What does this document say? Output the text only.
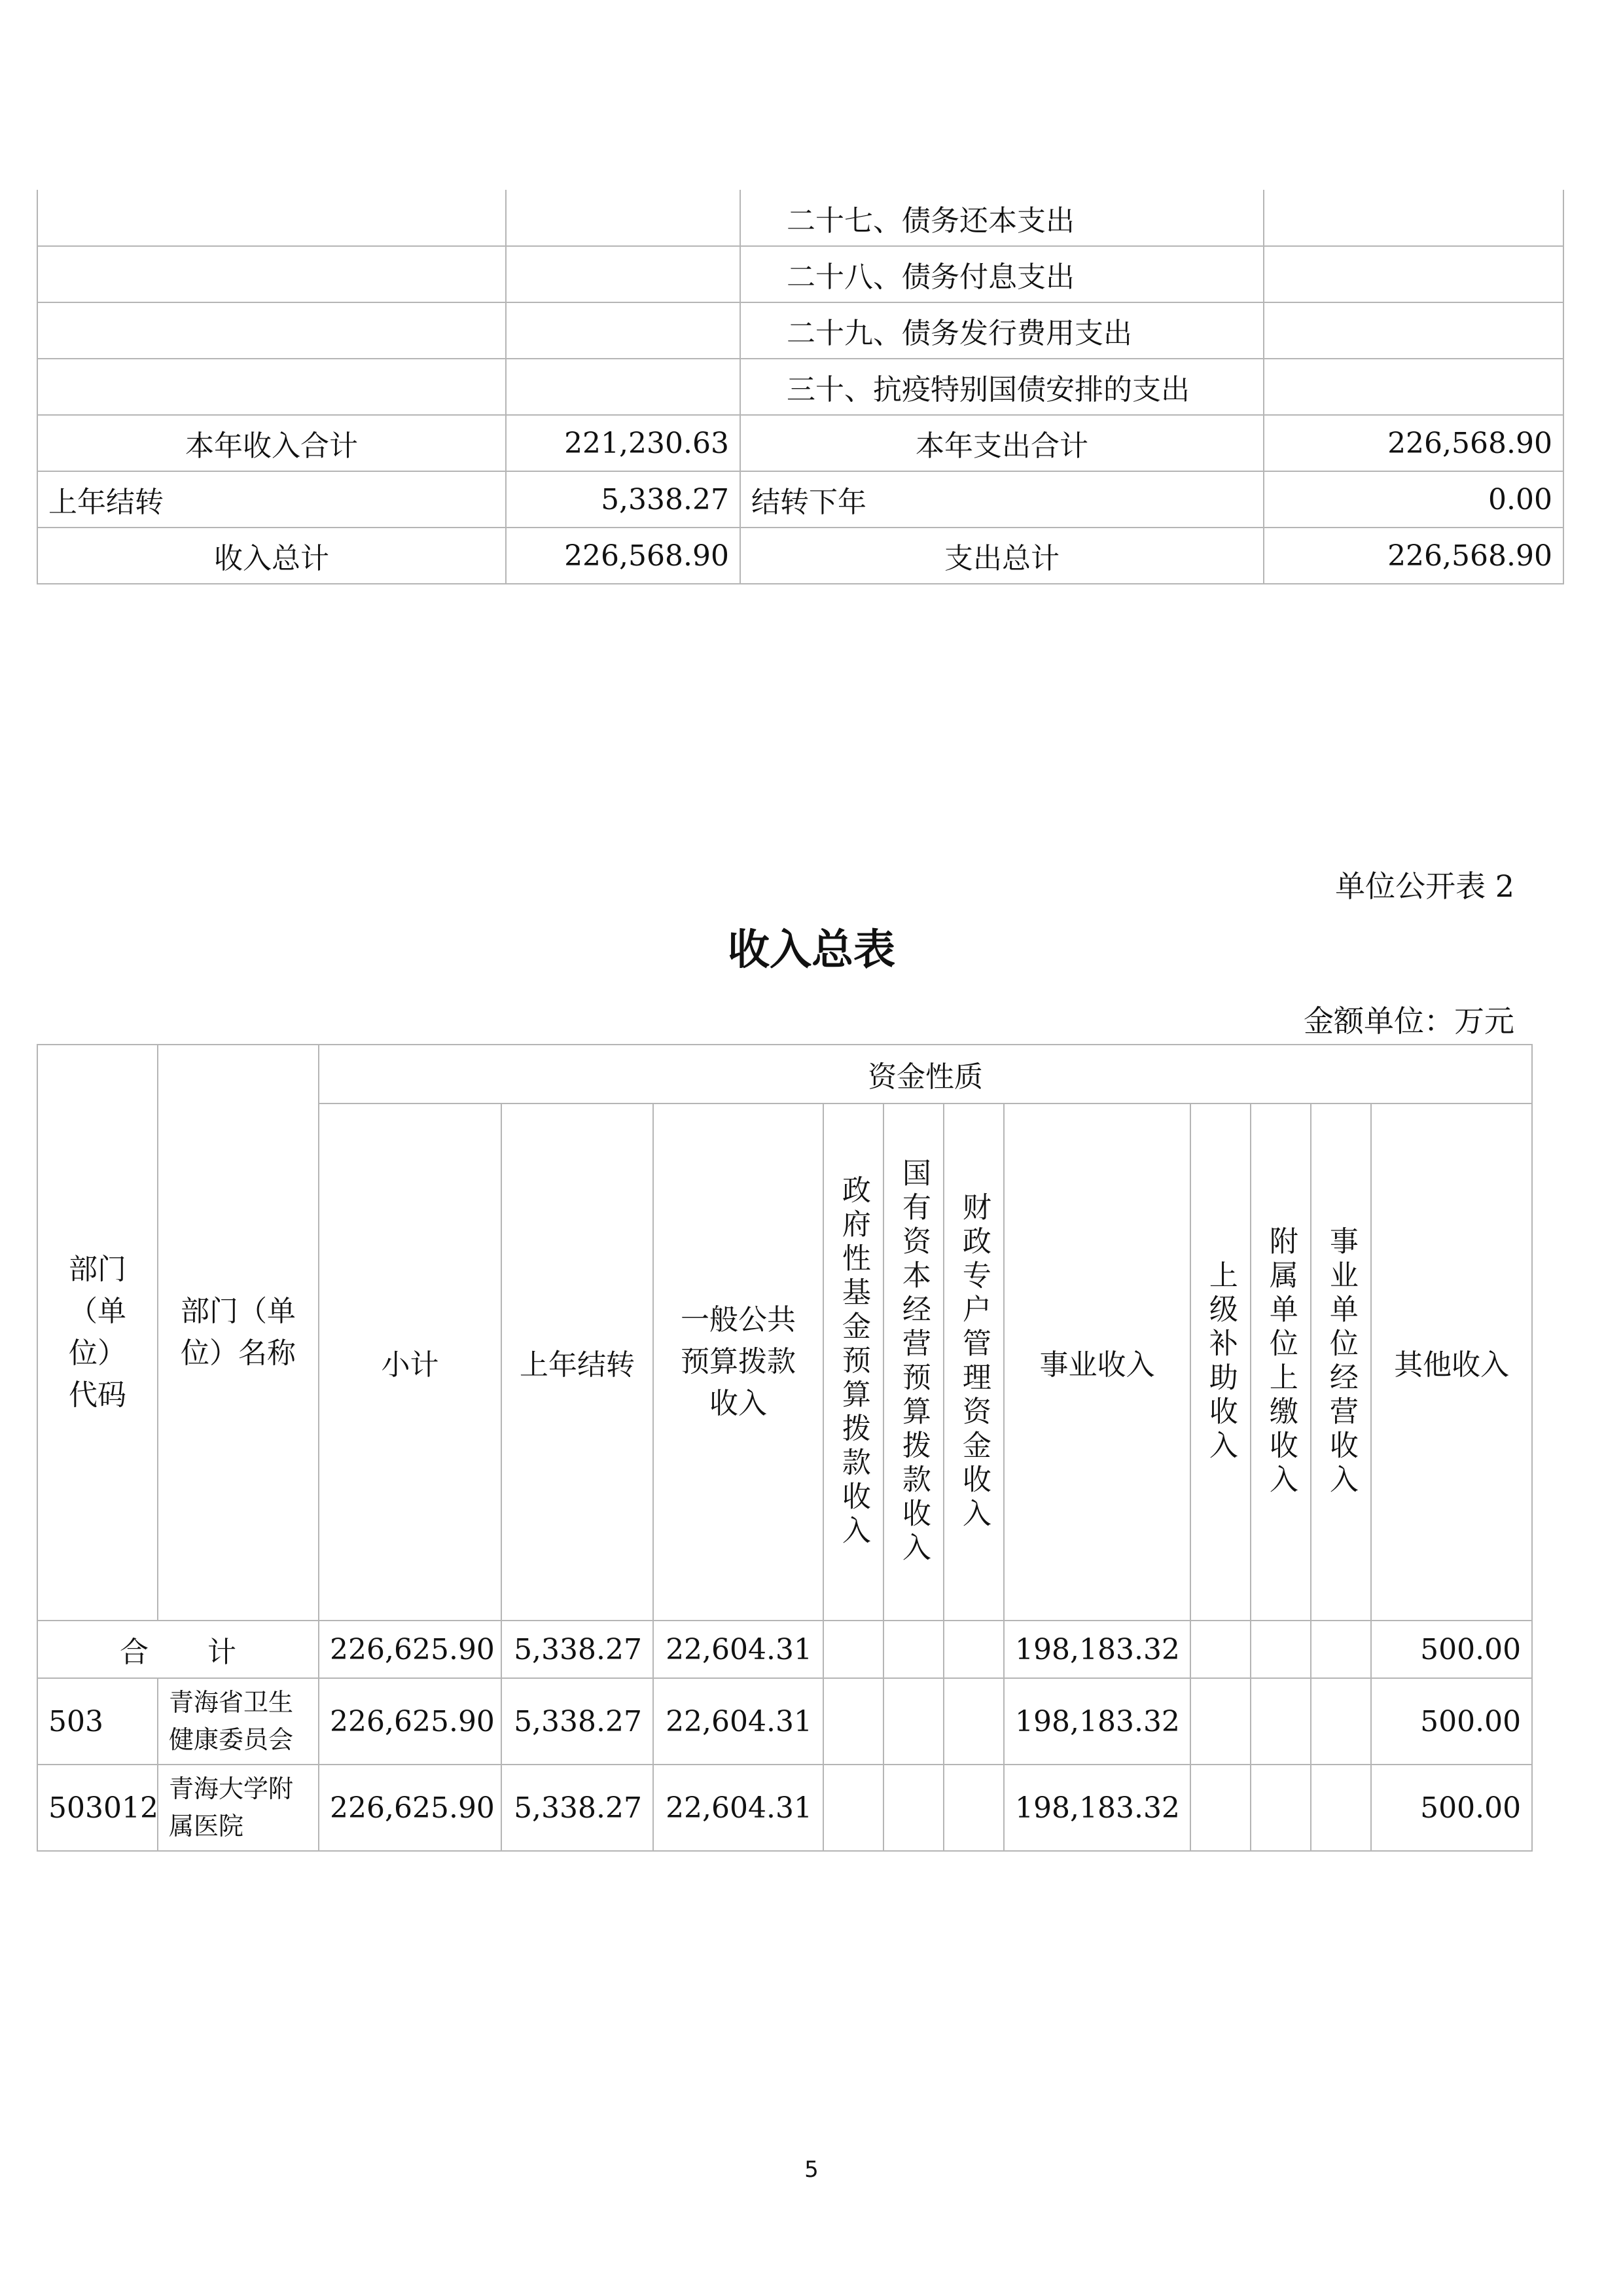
		二十七、债务还本支出	
		二十八、债务付息支出	
		二十九、债务发行费用支出	
		三十、抗疫特别国债安排的支出	
本年收入合计	221,230.63	本年支出合计	226,568.90
上年结转	5,338.27	结转下年	0.00
收入总计	226,568.90	支出总计	226,568.90
单位公开表 2
收入总表
金额单位：万元
部门（单位）代码	部门（单位）名称	资金性质										
		小计	上年结转	一般公共预算拨款收入	政府性基金预算拨款收入	国有资本经营预算拨款收入	财政专户管理资金收入	事业收入	上级补助收入	附属单位上缴收入	事业单位经营收入	其他收入
合 计		226,625.90	5,338.27	22,604.31				198,183.32				500.00
503	青海省卫生健康委员会	226,625.90	5,338.27	22,604.31				198,183.32				500.00
503012	青海大学附属医院	226,625.90	5,338.27	22,604.31				198,183.32				500.00
5
